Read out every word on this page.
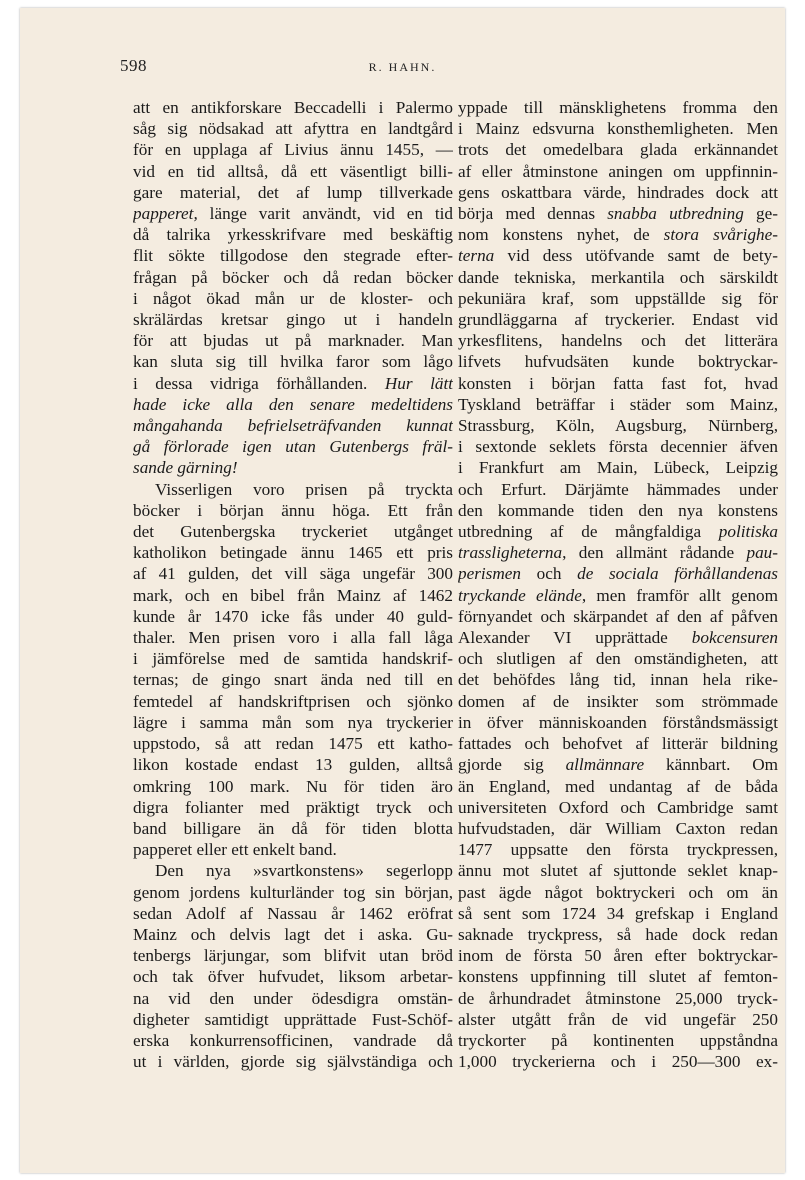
598	R. HAHN.

att en antikforskare Beccadelli i Palermo
såg sig nödsakad att afyttra en landtgård
för en upplaga af Livius ännu 1455, —
vid en tid alltså, då ett väsentligt billi-
gare material, det af lump tillverkade
papperet, länge varit användt, vid en tid
då talrika yrkesskrifvare med beskäftig
flit sökte tillgodose den stegrade efter-
frågan på böcker och då redan böcker
i något ökad mån ur de kloster- och
skrälärdas kretsar gingo ut i handeln
för att bjudas ut på marknader. Man
kan sluta sig till hvilka faror som lågo
i dessa vidriga förhållanden. Hur lätt
hade icke alla den senare medeltidens
mångahanda befrielseträfvanden kunnat
gå förlorade igen utan Gutenbergs fräl-
sande gärning!

Visserligen voro prisen på tryckta
böcker i början ännu höga. Ett från
det Gutenbergska tryckeriet utgånget
katholikon betingade ännu 1465 ett pris
af 41 gulden, det vill säga ungefär 300
mark, och en bibel från Mainz af 1462
kunde år 1470 icke fås under 40 guld-
thaler. Men prisen voro i alla fall låga
i jämförelse med de samtida handskrif-
ternas; de gingo snart ända ned till en
femtedel af handskriftprisen och sjönko
lägre i samma mån som nya tryckerier
uppstodo, så att redan 1475 ett katho-
likon kostade endast 13 gulden, alltså
omkring 100 mark. Nu för tiden äro
digra folianter med präktigt tryck och
band billigare än då för tiden blotta
papperet eller ett enkelt band.

Den nya »svartkonstens» segerlopp
genom jordens kulturländer tog sin början,
sedan Adolf af Nassau år 1462 eröfrat
Mainz och delvis lagt det i aska. Gu-
tenbergs lärjungar, som blifvit utan bröd
och tak öfver hufvudet, liksom arbetar-
na vid den under ödesdigra omstän-
digheter samtidigt upprättade Fust-Schöf-
erska konkurrensofficinen, vandrade då
ut i världen, gjorde sig självständiga och

yppade till mänsklighetens fromma den
i Mainz edsvurna konsthemligheten. Men
trots det omedelbara glada erkännandet
af eller åtminstone aningen om uppfinnin-
gens oskattbara värde, hindrades dock att
börja med dennas snabba utbredning ge-
nom konstens nyhet, de stora svårighe-
terna vid dess utöfvande samt de bety-
dande tekniska, merkantila och särskildt
pekuniära kraf, som uppställde sig för
grundläggarna af tryckerier. Endast vid
yrkesflitens, handelns och det litterära
lifvets hufvudsäten kunde boktryckar-
konsten i början fatta fast fot, hvad
Tyskland beträffar i städer som Mainz,
Strassburg, Köln, Augsburg, Nürnberg,
i sextonde seklets första decennier äfven
i Frankfurt am Main, Lübeck, Leipzig
och Erfurt. Därjämte hämmades under
den kommande tiden den nya konstens
utbredning af de mångfaldiga politiska
trassligheterna, den allmänt rådande pau-
perismen och de sociala förhållandenas
tryckande elände, men framför allt genom
förnyandet och skärpandet af den af påfven
Alexander VI upprättade bokcensuren
och slutligen af den omständigheten, att
det behöfdes lång tid, innan hela rike-
domen af de insikter som strömmade
in öfver människoanden förståndsmässigt
fattades och behofvet af litterär bildning
gjorde sig allmännare kännbart. Om
än England, med undantag af de båda
universiteten Oxford och Cambridge samt
hufvudstaden, där William Caxton redan
1477 uppsatte den första tryckpressen,
ännu mot slutet af sjuttonde seklet knap-
past ägde något boktryckeri och om än
så sent som 1724 34 grefskap i England
saknade tryckpress, så hade dock redan
inom de första 50 åren efter boktryckar-
konstens uppfinning till slutet af femton-
de århundradet åtminstone 25,000 tryck-
alster utgått från de vid ungefär 250
tryckorter på kontinenten uppståndna
1,000 tryckerierna och i 250—300 ex-
